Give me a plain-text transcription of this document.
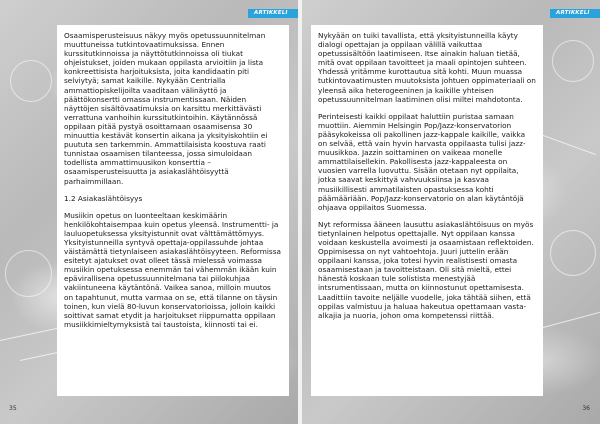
ARTIKKELI

Osaamisperusteisuus näkyy myös opetussuunnitelman muuttuneissa tutkintovaatimuksissa. Ennen kurssitutkinnoissa ja näyttötutkinnoissa oli tiukat ohjeistukset, joiden mukaan oppilasta arvioitiin ja lista konkreettisista harjoituksista, joita kandidaatin piti selviytyä; samat kaikille. Nykyään Centrialla ammattiopiskelijoilta vaaditaan välinäyttö ja päättökonsertti omassa instrumentissaan. Näiden näyttöjen sisältövaatimuksia on karsittu merkittävästi verrattuna vanhoihin kurssitutkintoihin. Käytännössä oppilaan pitää pystyä osoittamaan osaamisensa 30 minuuttia kestävät konsertin aikana ja yksityiskohtiin ei puututa sen tarkemmin. Ammattilaisista koostuva raati tunnistaa osaamisen tilanteessa, jossa simuloidaan todellista ammattimuusikon konserttia – osaamisperusteisuutta ja asiakaslähtöisyyttä parhaimmillaan.

1.2 Asiakaslähtöisyys

Musiikin opetus on luonteeltaan keskimäärin henkilökohtaisempaa kuin opetus yleensä. Instrumentti- ja lauluopetuksessa yksityistunnit ovat välttämättömyys. Yksityistunneilla syntyvä opettaja-oppilassuhde johtaa väistämättä tietynlaiseen asiakaslähtöisyyteen. Reformissa esitetyt ajatukset ovat olleet tässä mielessä voimassa musiikin opetuksessa enemmän tai vähemmän ikään kuin epävirallisena opetussuunnitelmana tai piilokuhjaa vakiintuneena käytäntönä. Vaikea sanoa, milloin muutos on tapahtunut, mutta varmaa on se, että tilanne on täysin toinen, kun vielä 80-luvun konservatorioissa, jolloin kaikki soittivat samat etydit ja harjoitukset riippumatta oppilaan musiikkimieltymyksistä tai taustoista, kiinnosti tai ei.

35
ARTIKKELI

Nykyään on tuiki tavallista, että yksityistunneilla käyty dialogi opettajan ja oppilaan välillä vaikuttaa opetussisältöön laatimiseen. Itse ainakin haluan tietää, mitä ovat oppilaan tavoitteet ja maali opintojen suhteen. Yhdessä yritämme kurottautua sitä kohti. Muun muassa tutkintovaatimusten muutoksista johtuen oppimateriaali on yleensä aika heterogeeninen ja kaikille yhteisen opetussuunnitelman laatiminen olisi miltei mahdotonta.

Perinteisesti kaikki oppilaat haluttiin puristaa samaan muottiin. Aiemmin Helsingin Pop/Jazz-konservatorion pääsykokeissa oli pakollinen jazz-kappale kaikille, vaikka on selvää, että vain hyvin harvasta oppilaasta tulisi jazz-muusikkoa. Jazzin soittaminen on vaikeaa monelle ammattilaisellekin. Pakollisesta jazz-kappaleesta on vuosien varrella luovuttu. Sisään otetaan nyt oppilaita, jotka saavat keskittyä vahvuuksiinsa ja kasvaa musiikillisesti ammatilaisten opastuksessa kohti päämääriään. Pop/Jazz-konservatorio on alan käytäntöjä ohjaava oppilaitos Suomessa.

Nyt reformissa ääneen lausuttu asiakaslähtöisuus on myös tietynlainen helpotus opettajalle. Nyt oppilaan kanssa voidaan keskustella avoimesti ja osaamistaan reflektoiden. Oppimisessa on nyt vahtoehtoja. Juuri juttelin erään oppilaani kanssa, joka totesi hyvin realistisesti omasta osaamisestaan ja tavoitteistaan. Oli sitä mieltä, ettei hänestä koskaan tule solistista menestyjää intsrumentissaan, mutta on kiinnostunut opettamisesta. Laadittiin tavoite neljälle vuodelle, joka tähtää siihen, että oppilas valmistuu ja haluaa hakeutua opettamaan vasta-alkajia ja nuoria, johon oma kompetenssi riittää.

36
